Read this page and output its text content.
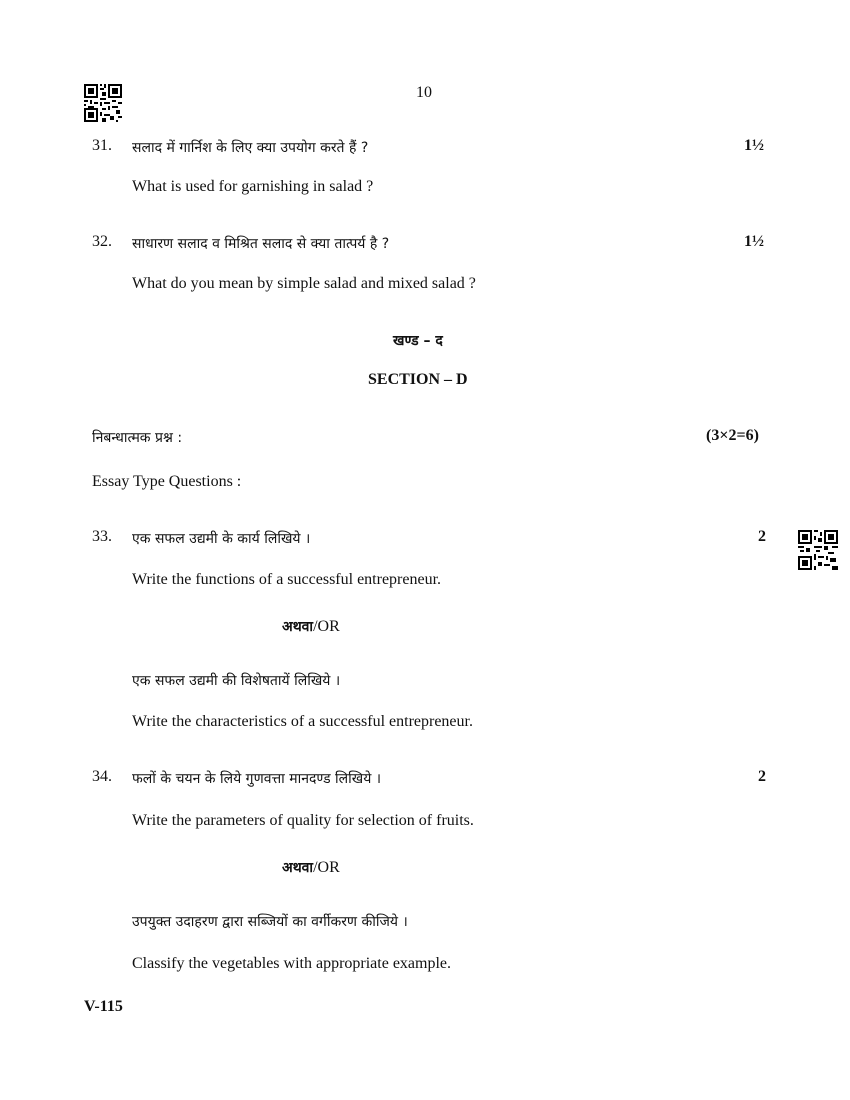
10
31. सलाद में गार्निश के लिए क्या उपयोग करते हैं ?	1½
What is used for garnishing in salad ?
32. साधारण सलाद व मिश्रित सलाद से क्या तात्पर्य है ?	1½
What do you mean by simple salad and mixed salad ?
खण्ड – द
SECTION – D
निबन्धात्मक प्रश्न :	(3×2=6)
Essay Type Questions :
33. एक सफल उद्यमी के कार्य लिखिये ।	2
Write the functions of a successful entrepreneur.
अथवा/OR
एक सफल उद्यमी की विशेषतायें लिखिये ।
Write the characteristics of a successful entrepreneur.
34. फलों के चयन के लिये गुणवत्ता मानदण्ड लिखिये ।	2
Write the parameters of quality for selection of fruits.
अथवा/OR
उपयुक्त उदाहरण द्वारा सब्जियों का वर्गीकरण कीजिये ।
Classify the vegetables with appropriate example.
V-115
